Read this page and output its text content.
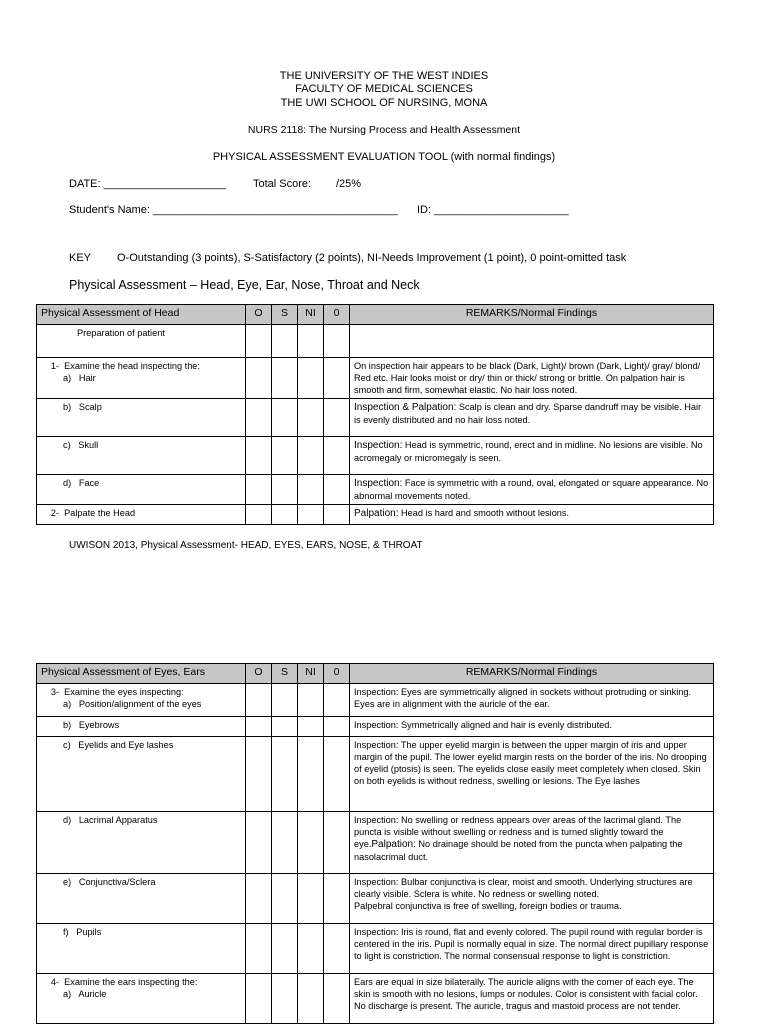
THE UNIVERSITY OF THE WEST INDIES
FACULTY OF MEDICAL SCIENCES
THE UWI SCHOOL OF NURSING, MONA
NURS 2118: The Nursing Process and Health Assessment
PHYSICAL ASSESSMENT EVALUATION TOOL (with normal findings)
DATE: ____________________ Total Score: /25%
Student's Name: ________________________________________ ID: ______________________
KEY O-Outstanding (3 points), S-Satisfactory (2 points), NI-Needs Improvement (1 point), 0 point-omitted task
Physical Assessment – Head, Eye, Ear, Nose, Throat and Neck
Physical Assessment of Head	O	S	NI	0	REMARKS/Normal Findings
Preparation of patient					

1- Examine the head inspecting the:
a)   Hair					On inspection hair appears to be black (Dark, Light)/ brown (Dark, Light)/ gray/ blond/ Red etc. Hair looks moist or dry/ thin or thick/ strong or brittle. On palpation hair is smooth and firm, somewhat elastic. No hair loss noted.
b)   Scalp					Inspection & Palpation: Scalp is clean and dry. Sparse dandruff may be visible. Hair is evenly distributed and no hair loss noted.
c)   Skull					Inspection: Head is symmetric, round, erect and in midline. No lesions are visible. No acromegaly or micromegaly is seen.
d)   Face					Inspection: Face is symmetric with a round, oval, elongated or square appearance. No abnormal movements noted.
2- Palpate the Head					Palpation: Head is hard and smooth without lesions.
UWISON 2013, Physical Assessment- HEAD, EYES, EARS, NOSE, & THROAT
Physical Assessment of Eyes, Ears	O	S	NI	0	REMARKS/Normal Findings

3- Examine the eyes inspecting:
a)   Position/alignment of the eyes					Inspection: Eyes are symmetrically aligned in sockets without protruding or sinking. Eyes are in alignment with the auricle of the ear.
b)   Eyebrows					Inspection: Symmetrically aligned and hair is evenly distributed.
c)   Eyelids and Eye lashes					Inspection: The upper eyelid margin is between the upper margin of iris and upper margin of the pupil. The lower eyelid margin rests on the border of the iris. No drooping of eyelid (ptosis) is seen. The eyelids close easily meet completely when closed. Skin on both eyelids is without redness, swelling or lesions. The Eye lashes
d)   Lacrimal Apparatus					Inspection: No swelling or redness appears over areas of the lacrimal gland. The puncta is visible without swelling or redness and is turned slightly toward the eye.Palpation: No drainage should be noted from the puncta when palpating the nasolacrimal duct.
e)   Conjunctiva/Sclera					Inspection: Bulbar conjunctiva is clear, moist and smooth. Underlying structures are clearly visible. Sclera is white. No redness or swelling noted.
Palpebral conjunctiva is free of swelling, foreign bodies or trauma.

f)   Pupils					Inspection: Iris is round, flat and evenly colored. The pupil round with regular border is centered in the iris. Pupil is normally equal in size. The normal direct pupillary response to light is constriction. The normal consensual response to light is constriction.

4- Examine the ears inspecting the:
a)   Auricle					Ears are equal in size bilaterally. The auricle aligns with the corner of each eye. The skin is smooth with no lesions, lumps or nodules. Color is consistent with facial color. No discharge is present. The auricle, tragus and mastoid process are not tender.
